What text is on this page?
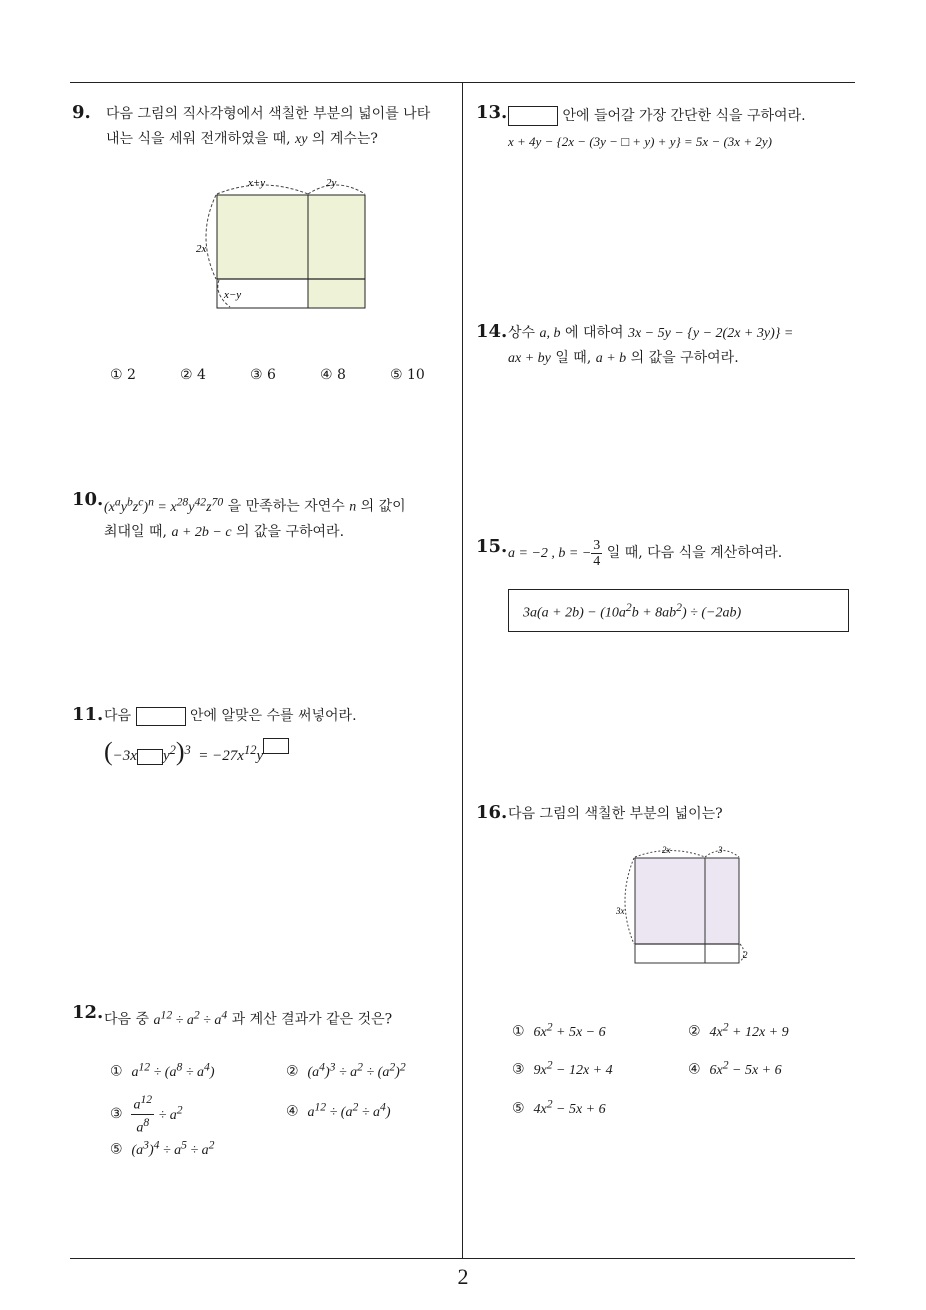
2
9. 다음 그림의 직사각형에서 색칠한 부분의 넓이를 나타
내는 식을 세워 전개하였을 때, xy 의 계수는?
x+y	2y
2x
x−y
① 2	② 4	③ 6	④ 8	⑤ 10
10. $(x^ay^bz^c)^n = x^{28}y^{42}z^{70}$ 을 만족하는 자연수 n 의 값이
최대일 때, a + 2b − c 의 값을 구하여라.
11. 다음	안에 알맞은 수를 써넣어라.
(−3x $y^2)^3 = -27x^{12}y$
12. 다음 중 $a^{12} \div a^2 \div a^4$ 과 계산 결과가 같은 것은?
① $a^{12} \div (a^8 \div a^4)$	② $(a^4)^3 \div a^2 \div (a^2)^2$
③ $\frac{a^{12}}{a^8} \div a^2$	④ $a^{12} \div (a^2 \div a^4)$
⑤ $(a^3)^4 \div a^5 \div a^2$
13.	안에 들어갈 가장 간단한 식을 구하여라.
x + 4y − {2x − (3y − □ + y) + y} = 5x − (3x + 2y)
14. 상수 a, b 에 대하여 3x − 5y − {y − 2(2x + 3y)} =
ax + by 일 때, a + b 의 값을 구하여라.
15. a = −2 , b = − $\frac{3}{4}$ 일 때, 다음 식을 계산하여라.
$3a(a + 2b) - (10a^2b + 8ab^2) \div (-2ab)$
16. 다음 그림의 색칠한 부분의 넓이는?
2x	3
3x
2
① $6x^2 + 5x - 6$	② $4x^2 + 12x + 9$
③ $9x^2 - 12x + 4$	④ $6x^2 - 5x + 6$
⑤ $4x^2 - 5x + 6$
